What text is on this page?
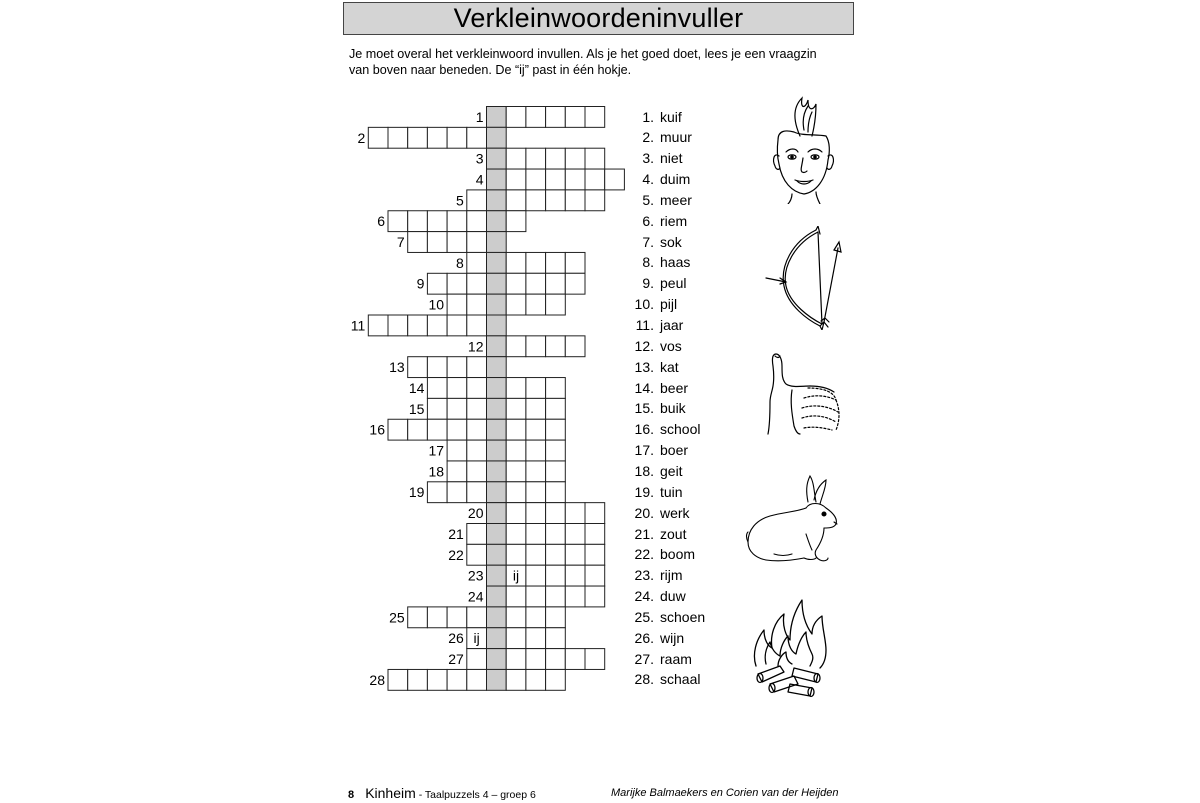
Verkleinwoordeninvuller
Je moet overal het verkleinwoord invullen. Als je het goed doet, lees je een vraagzin
van boven naar beneden. De “ij” past in één hokje.
1
2
3
4
5
6
7
8
9
10
11
12
13
14
15
16
17
18
19
20
21
22
ij
23
24
25
ij
26
27
28
1. kuif
2. muur
3. niet
4. duim
5. meer
6. riem
7. sok
8. haas
9. peul
10. pijl
11. jaar
12. vos
13. kat
14. beer
15. buik
16. school
17. boer
18. geit
19. tuin
20. werk
21. zout
22. boom
23. rijm
24. duw
25. schoen
26. wijn
27. raam
28. schaal
8 Kinheim - Taalpuzzels 4 – groep 6	Marijke Balmaekers en Corien van der Heijden
